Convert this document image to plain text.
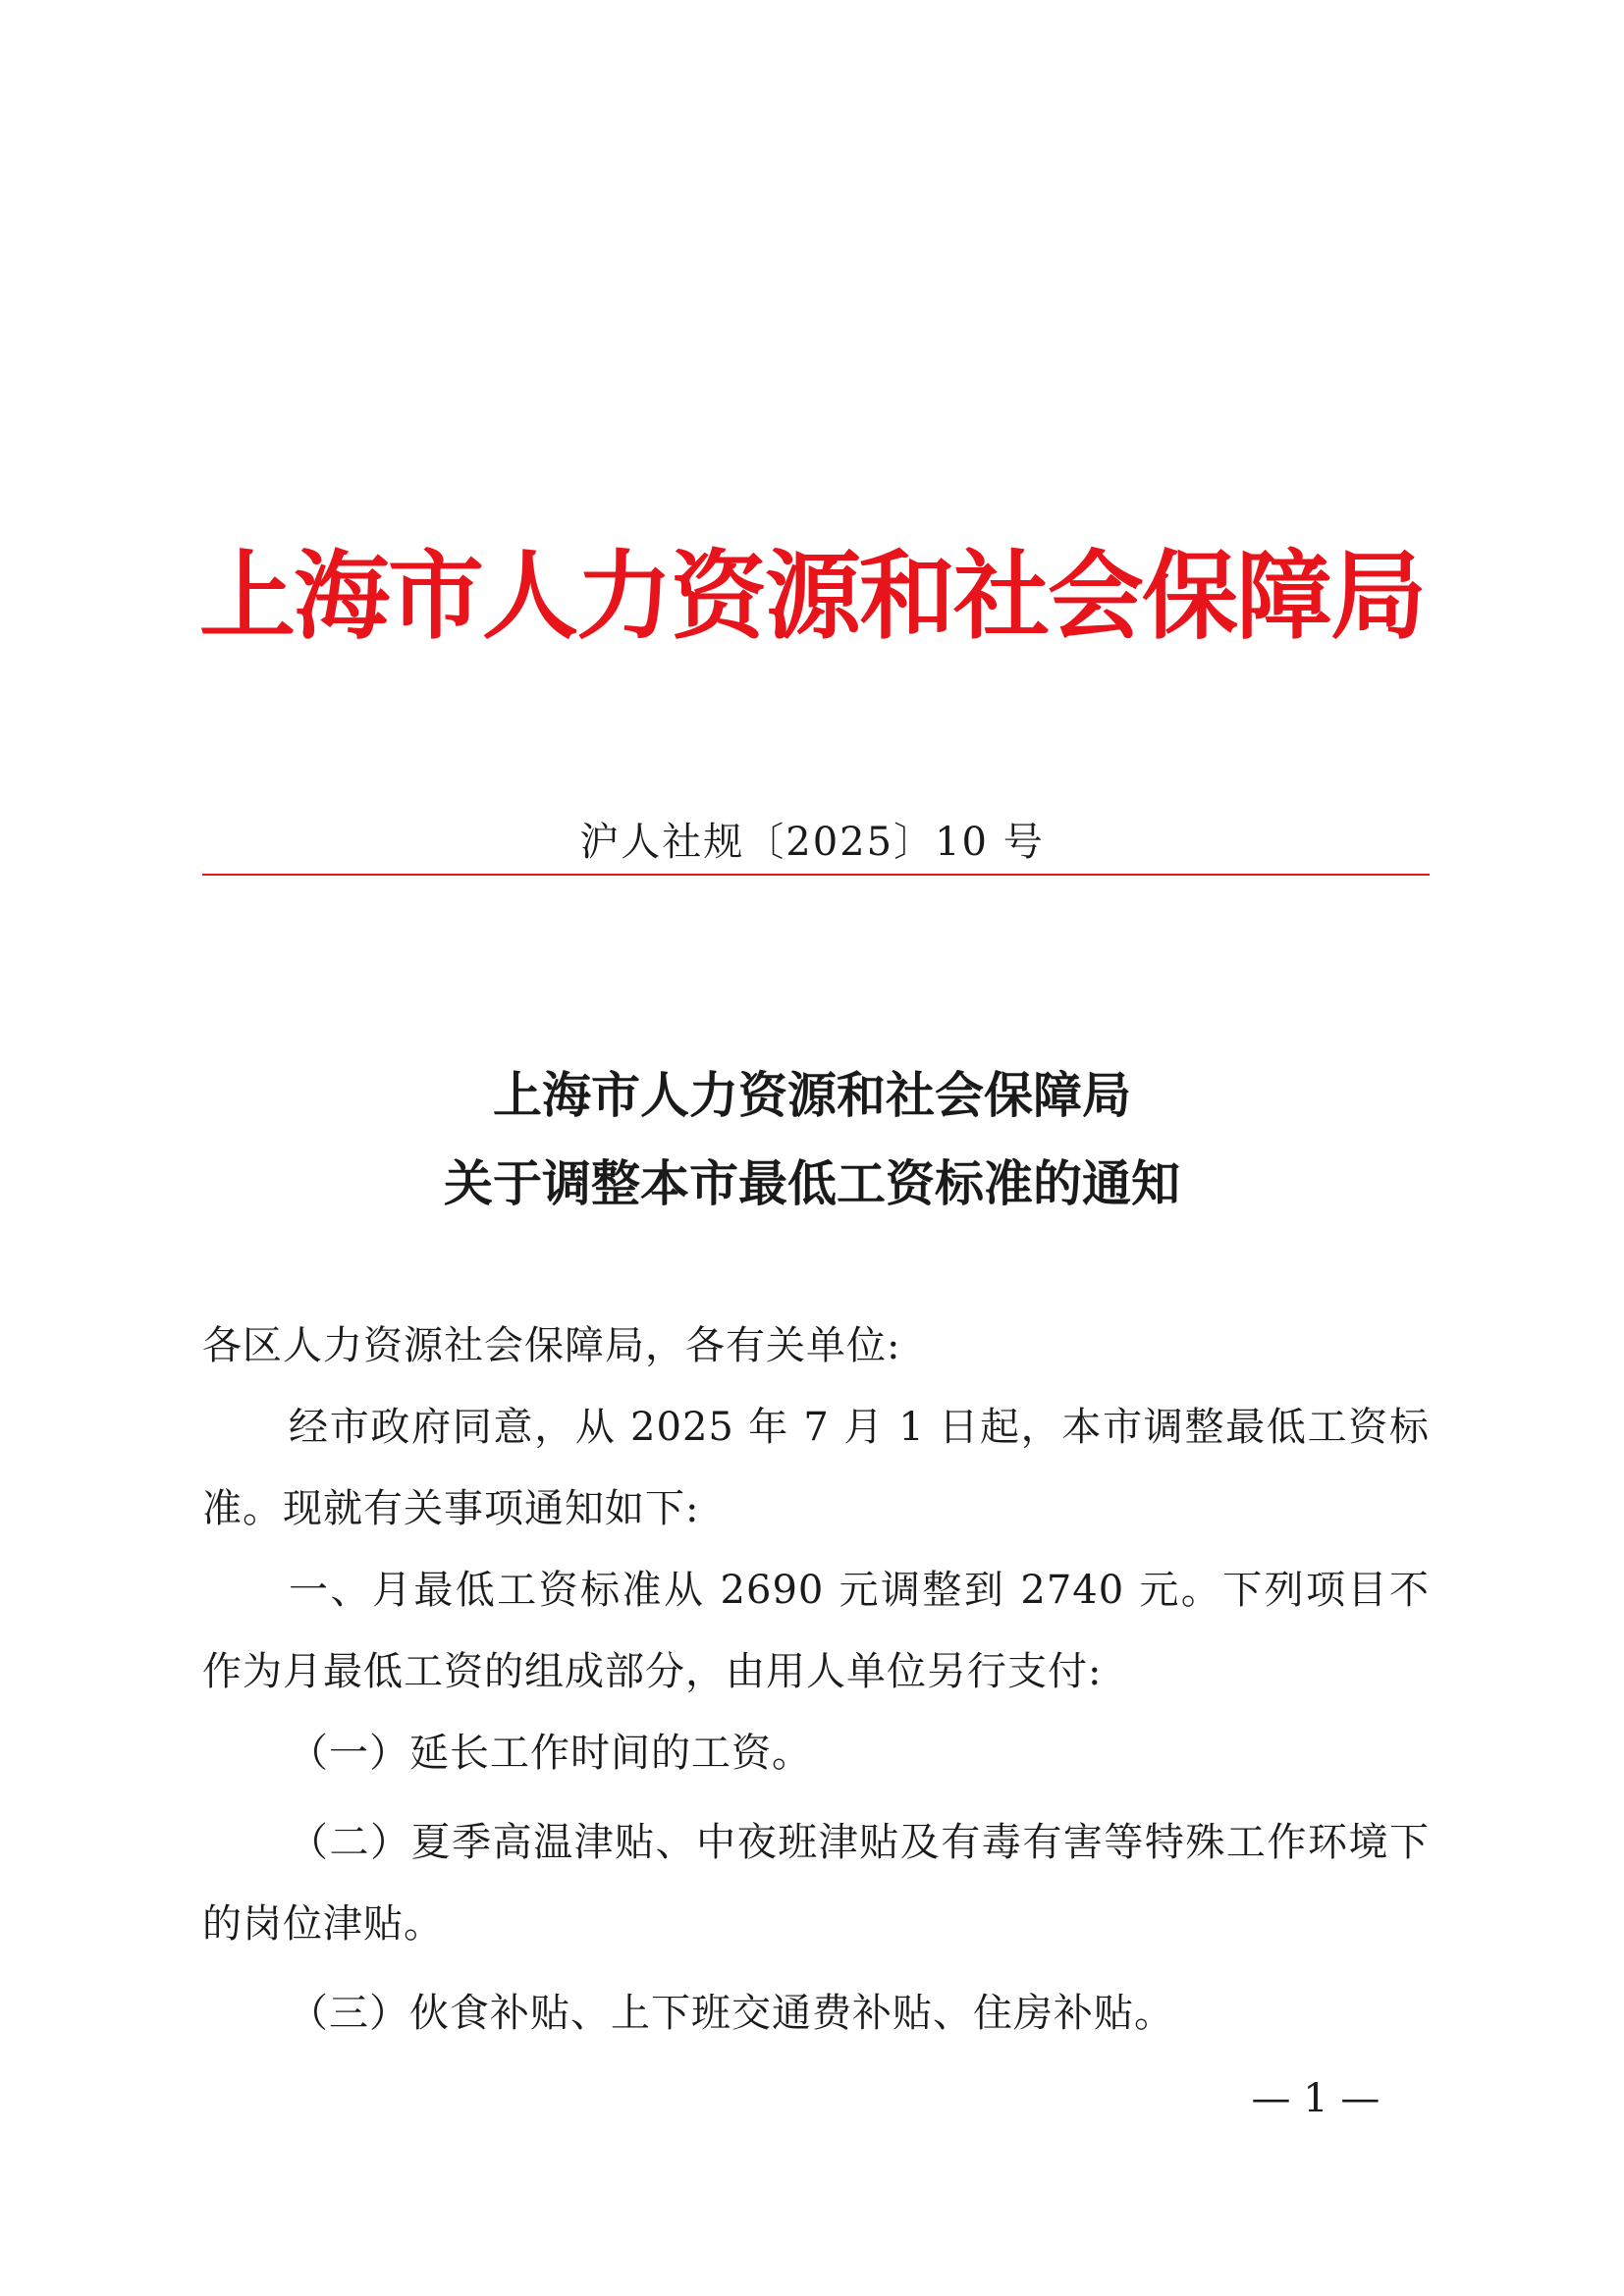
上海市人力资源和社会保障局
沪人社规〔2025〕10 号
上海市人力资源和社会保障局
关于调整本市最低工资标准的通知

各区人力资源社会保障局，各有关单位:

经市政府同意，从 2025 年 7 月 1 日起，本市调整最低工资标准。现就有关事项通知如下:

一、月最低工资标准从 2690 元调整到 2740 元。下列项目不作为月最低工资的组成部分，由用人单位另行支付:

（一）延长工作时间的工资。

（二）夏季高温津贴、中夜班津贴及有毒有害等特殊工作环境下的岗位津贴。

（三）伙食补贴、上下班交通费补贴、住房补贴。

— 1 —
